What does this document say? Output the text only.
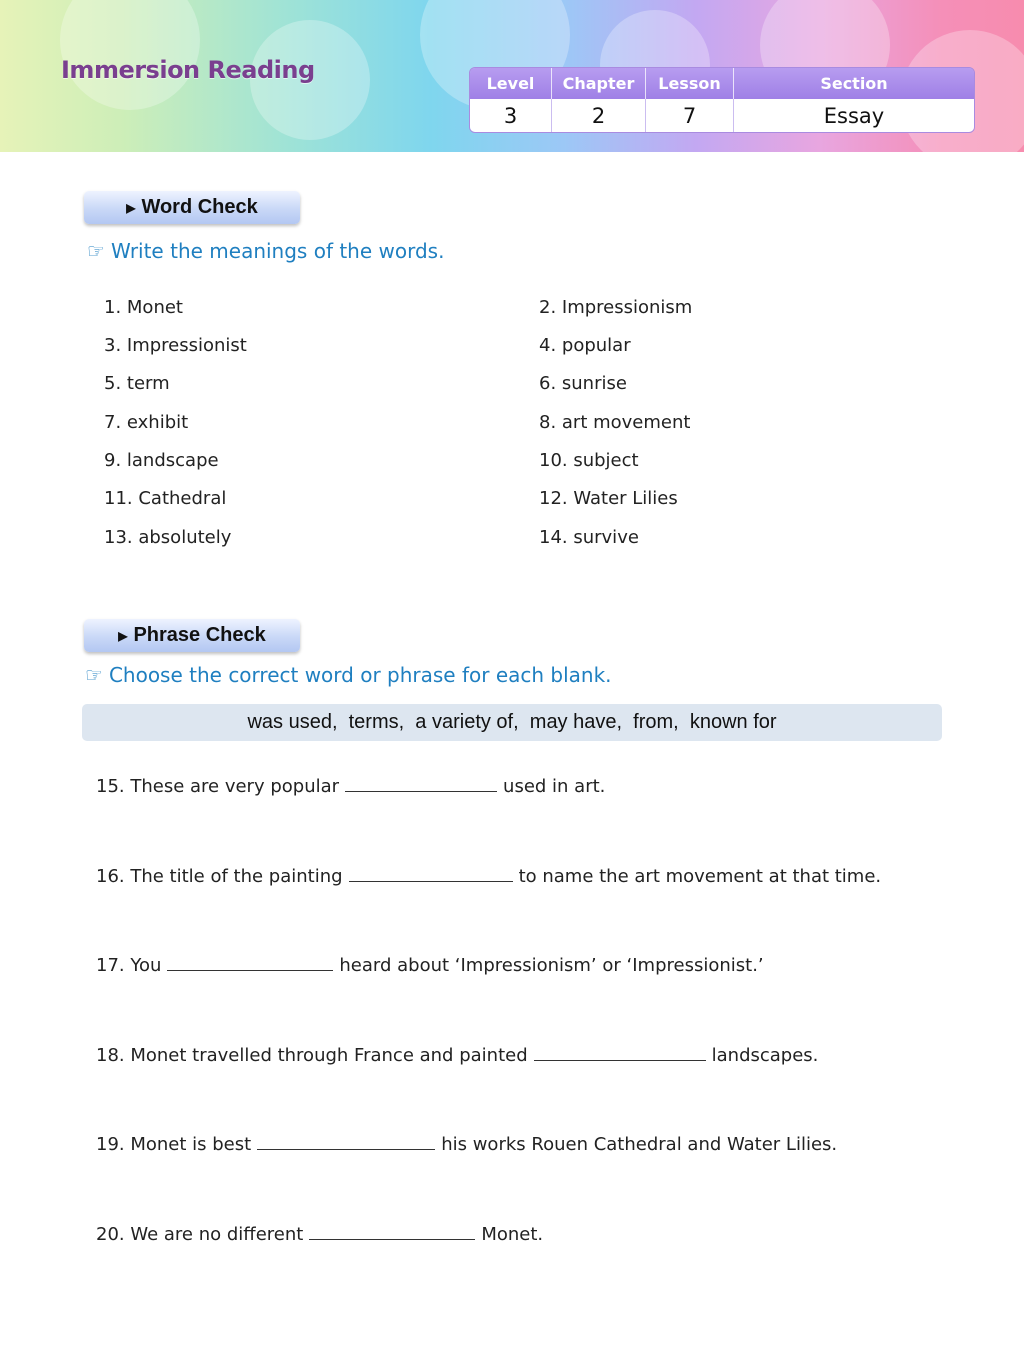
Immersion Reading	Level	Chapter	Lesson	Section
3	2	7	Essay
▶ Word Check
☞ Write the meanings of the words.
1. Monet	2. Impressionism
3. Impressionist	4. popular
5. term	6. sunrise
7. exhibit	8. art movement
9. landscape	10. subject
11. Cathedral	12. Water Lilies
13. absolutely	14. survive
▶ Phrase Check
☞ Choose the correct word or phrase for each blank.
was used,  terms,  a variety of,  may have,  from,  known for
15. These are very popular	used in art.
16. The title of the painting	to name the art movement at that time.
17. You	heard about ‘Impressionism’ or ‘Impressionist.’
18. Monet travelled through France and painted	landscapes.
19. Monet is best	his works Rouen Cathedral and Water Lilies.
20. We are no different	Monet.
